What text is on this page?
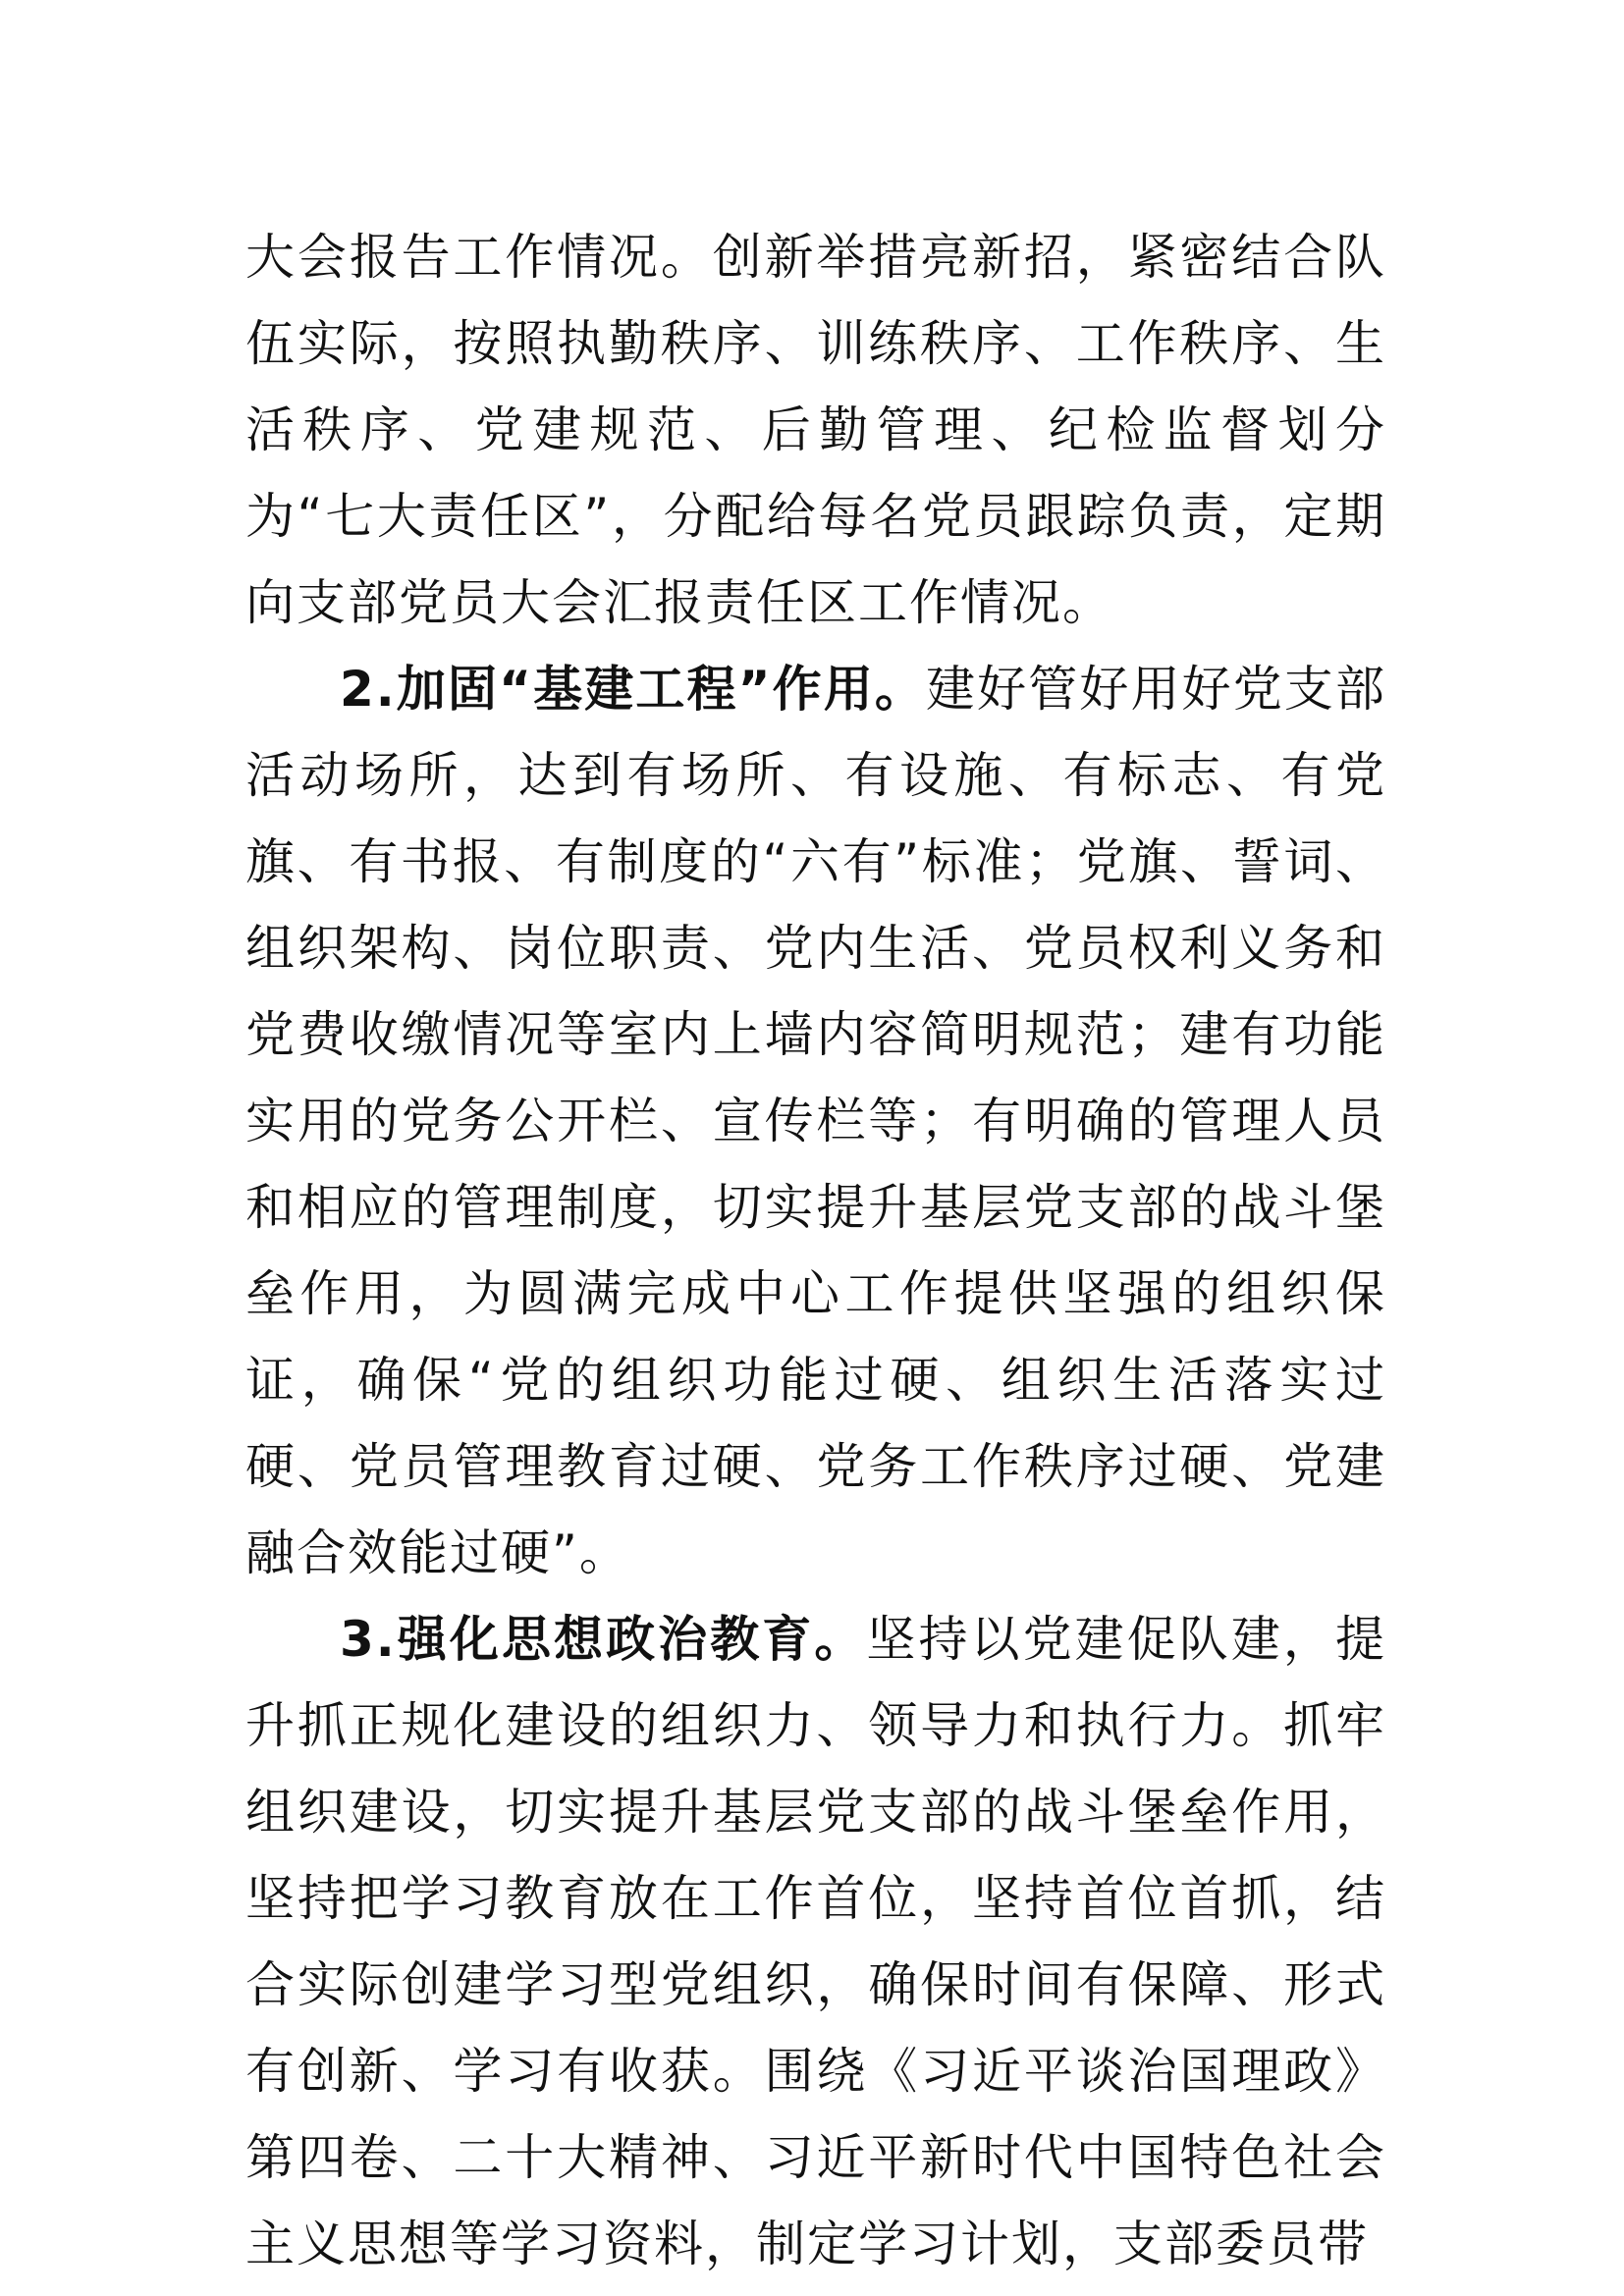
大会报告工作情况。创新举措亮新招，紧密结合队伍实际，按照执勤秩序、训练秩序、工作秩序、生活秩序、党建规范、后勤管理、纪检监督划分为“七大责任区”，分配给每名党员跟踪负责，定期向支部党员大会汇报责任区工作情况。

2.加固“基建工程”作用。建好管好用好党支部活动场所，达到有场所、有设施、有标志、有党旗、有书报、有制度的“六有”标准；党旗、誓词、组织架构、岗位职责、党内生活、党员权利义务和党费收缴情况等室内上墙内容简明规范；建有功能实用的党务公开栏、宣传栏等；有明确的管理人员和相应的管理制度，切实提升基层党支部的战斗堡垒作用，为圆满完成中心工作提供坚强的组织保证，确保“党的组织功能过硬、组织生活落实过硬、党员管理教育过硬、党务工作秩序过硬、党建融合效能过硬”。

3.强化思想政治教育。坚持以党建促队建，提升抓正规化建设的组织力、领导力和执行力。抓牢组织建设，切实提升基层党支部的战斗堡垒作用，坚持把学习教育放在工作首位，坚持首位首抓，结合实际创建学习型党组织，确保时间有保障、形式有创新、学习有收获。围绕《习近平谈治国理政》第四卷、二十大精神、习近平新时代中国特色社会主义思想等学习资料，制定学习计划，支部委员带
